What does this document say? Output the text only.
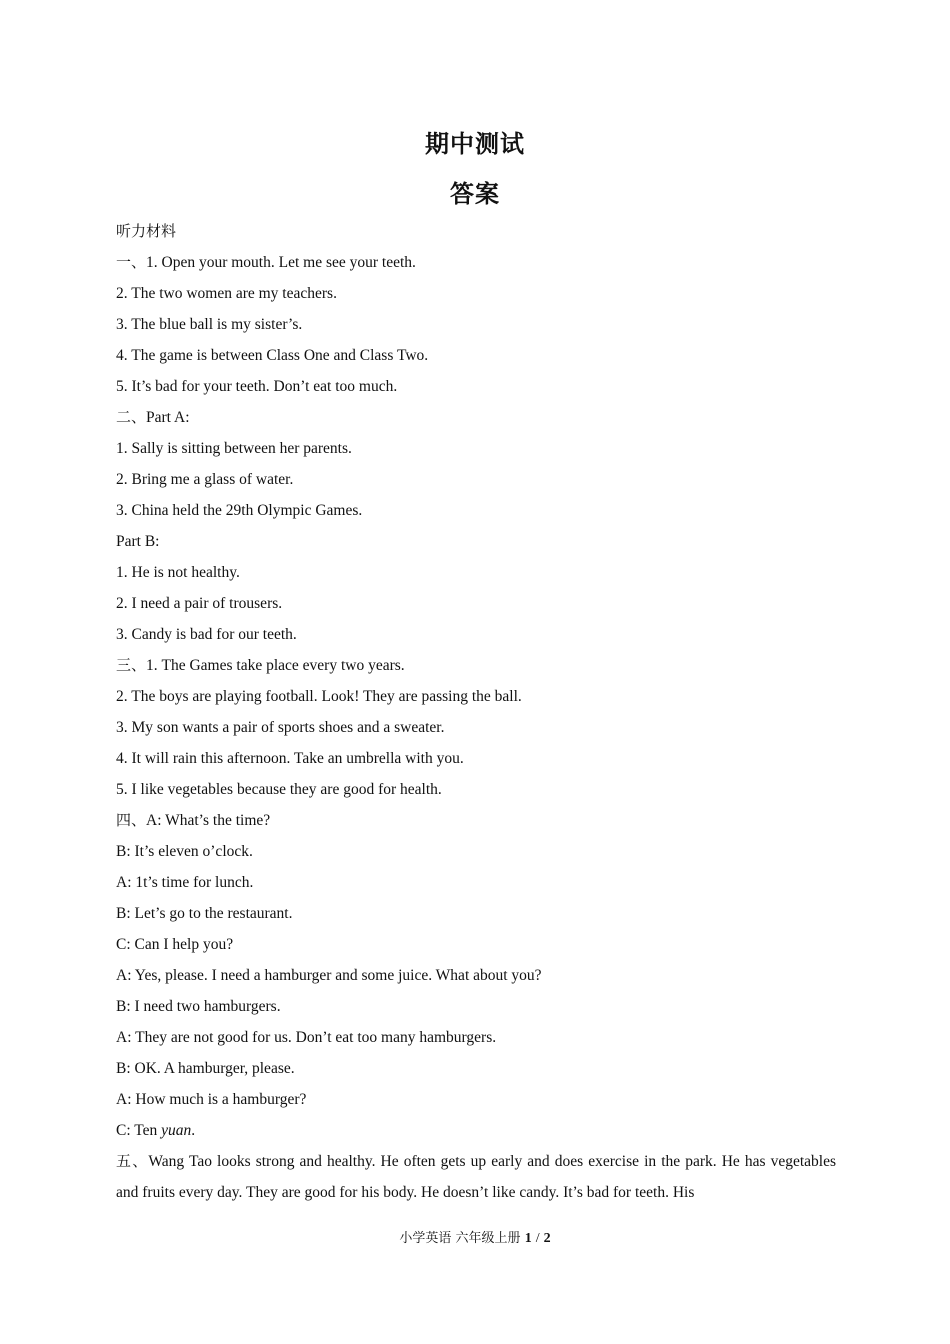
期中测试
答案
听力材料
一、1. Open your mouth. Let me see your teeth.
2. The two women are my teachers.
3. The blue ball is my sister’s.
4. The game is between Class One and Class Two.
5. It’s bad for your teeth. Don’t eat too much.
二、Part A:
1. Sally is sitting between her parents.
2. Bring me a glass of water.
3. China held the 29th Olympic Games.
Part B:
1. He is not healthy.
2. I need a pair of trousers.
3. Candy is bad for our teeth.
三、1. The Games take place every two years.
2. The boys are playing football. Look! They are passing the ball.
3. My son wants a pair of sports shoes and a sweater.
4. It will rain this afternoon. Take an umbrella with you.
5. I like vegetables because they are good for health.
四、A: What’s the time?
B: It’s eleven o’clock.
A: 1t’s time for lunch.
B: Let’s go to the restaurant.
C: Can I help you?
A: Yes, please. I need a hamburger and some juice. What about you?
B: I need two hamburgers.
A: They are not good for us. Don’t eat too many hamburgers.
B: OK. A hamburger, please.
A: How much is a hamburger?
C: Ten yuan.
五、Wang Tao looks strong and healthy. He often gets up early and does exercise in the park. He has vegetables and fruits every day. They are good for his body. He doesn’t like candy. It’s bad for teeth. His
小学英语 六年级上册 1 / 2
